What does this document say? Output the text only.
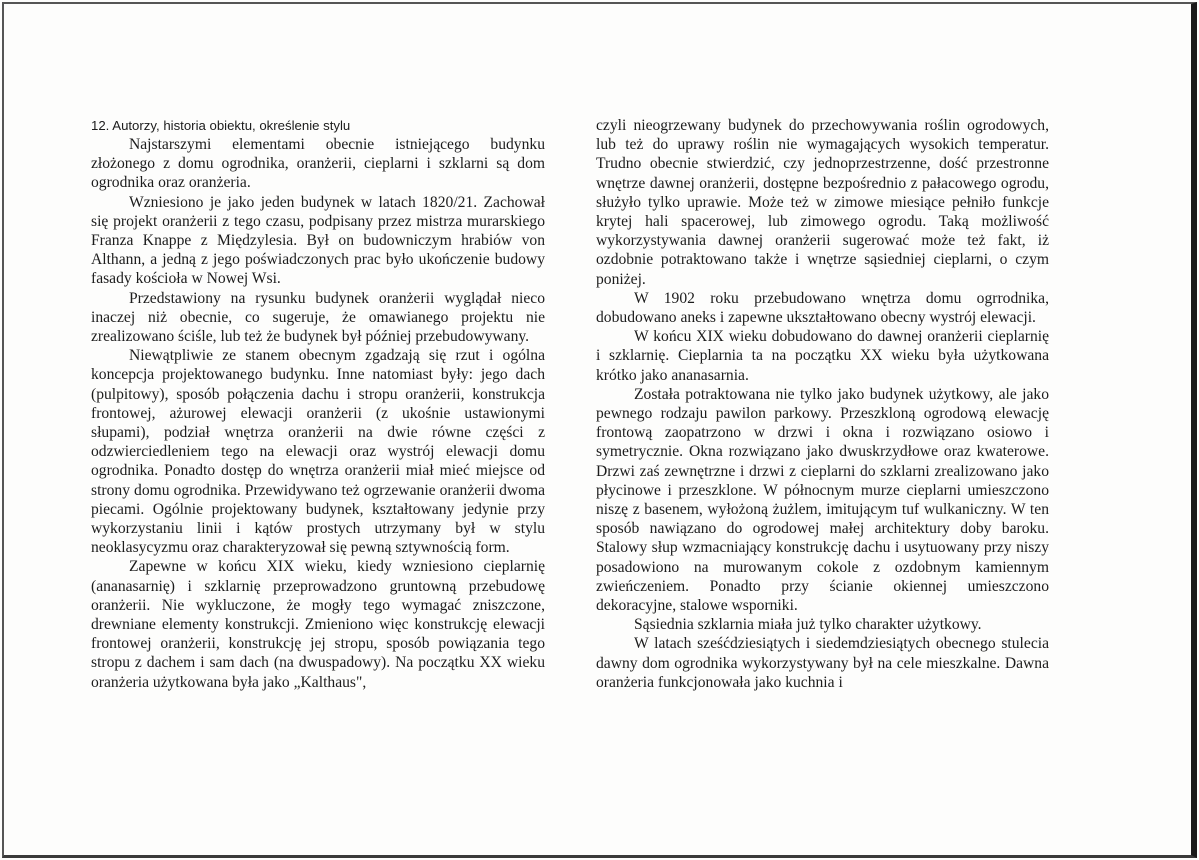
12. Autorzy, historia obiektu, określenie stylu

Najstarszymi elementami obecnie istniejącego budynku złożonego z domu ogrodnika, oranżerii, cieplarni i szklarni są dom ogrodnika oraz oranżeria.

Wzniesiono je jako jeden budynek w latach 1820/21. Zachował się projekt oranżerii z tego czasu, podpisany przez mistrza murarskiego Franza Knappe z Międzylesia. Był on budowniczym hrabiów von Althann, a jedną z jego poświadczonych prac było ukończenie budowy fasady kościoła w Nowej Wsi.

Przedstawiony na rysunku budynek oranżerii wyglądał nieco inaczej niż obecnie, co sugeruje, że omawianego projektu nie zrealizowano ściśle, lub też że budynek był później przebudowywany.

Niewątpliwie ze stanem obecnym zgadzają się rzut i ogólna koncepcja projektowanego budynku. Inne natomiast były: jego dach (pulpitowy), sposób połączenia dachu i stropu oranżerii, konstrukcja frontowej, ażurowej elewacji oranżerii (z ukośnie ustawionymi słupami), podział wnętrza oranżerii na dwie równe części z odzwierciedleniem tego na elewacji oraz wystrój elewacji domu ogrodnika. Ponadto dostęp do wnętrza oranżerii miał mieć miejsce od strony domu ogrodnika. Przewidywano też ogrzewanie oranżerii dwoma piecami. Ogólnie projektowany budynek, kształtowany jedynie przy wykorzystaniu linii i kątów prostych utrzymany był w stylu neoklasycyzmu oraz charakteryzował się pewną sztywnością form.

Zapewne w końcu XIX wieku, kiedy wzniesiono cieplarnię (ananasarnię) i szklarnię przeprowadzono gruntowną przebudowę oranżerii. Nie wykluczone, że mogły tego wymagać zniszczone, drewniane elementy konstrukcji. Zmieniono więc konstrukcję elewacji frontowej oranżerii, konstrukcję jej stropu, sposób powiązania tego stropu z dachem i sam dach (na dwuspadowy). Na początku XX wieku oranżeria użytkowana była jako „Kalthaus",

czyli nieogrzewany budynek do przechowywania roślin ogrodowych, lub też do uprawy roślin nie wymagających wysokich temperatur. Trudno obecnie stwierdzić, czy jednoprzestrzenne, dość przestronne wnętrze dawnej oranżerii, dostępne bezpośrednio z pałacowego ogrodu, służyło tylko uprawie. Może też w zimowe miesiące pełniło funkcje krytej hali spacerowej, lub zimowego ogrodu. Taką możliwość wykorzystywania dawnej oranżerii sugerować może też fakt, iż ozdobnie potraktowano także i wnętrze sąsiedniej cieplarni, o czym poniżej.

W 1902 roku przebudowano wnętrza domu ogrrodnika, dobudowano aneks i zapewne ukształtowano obecny wystrój elewacji.

W końcu XIX wieku dobudowano do dawnej oranżerii cieplarnię i szklarnię. Cieplarnia ta na początku XX wieku była użytkowana krótko jako ananasarnia.

Została potraktowana nie tylko jako budynek użytkowy, ale jako pewnego rodzaju pawilon parkowy. Przeszkloną ogrodową elewację frontową zaopatrzono w drzwi i okna i rozwiązano osiowo i symetrycznie. Okna rozwiązano jako dwuskrzydłowe oraz kwaterowe. Drzwi zaś zewnętrzne i drzwi z cieplarni do szklarni zrealizowano jako płycinowe i przeszklone. W północnym murze cieplarni umieszczono niszę z basenem, wyłożoną żużlem, imitującym tuf wulkaniczny. W ten sposób nawiązano do ogrodowej małej architektury doby baroku. Stalowy słup wzmacniający konstrukcję dachu i usytuowany przy niszy posadowiono na murowanym cokole z ozdobnym kamiennym zwieńczeniem. Ponadto przy ścianie okiennej umieszczono dekoracyjne, stalowe wsporniki.

Sąsiednia szklarnia miała już tylko charakter użytkowy.

W latach sześćdziesiątych i siedemdziesiątych obecnego stulecia dawny dom ogrodnika wykorzystywany był na cele mieszkalne. Dawna oranżeria funkcjonowała jako kuchnia i
